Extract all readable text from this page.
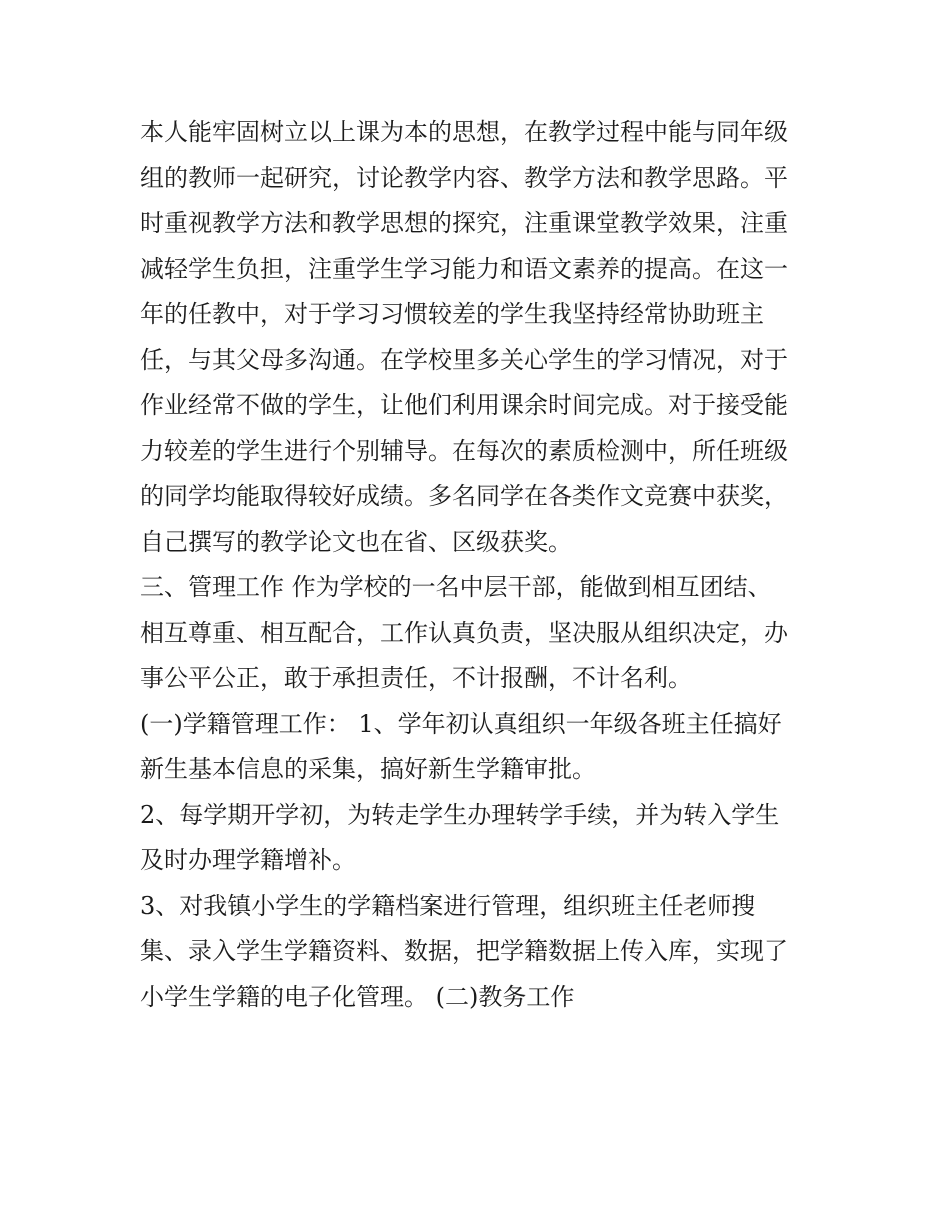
本人能牢固树立以上课为本的思想，在教学过程中能与同年级
组的教师一起研究，讨论教学内容、教学方法和教学思路。平
时重视教学方法和教学思想的探究，注重课堂教学效果，注重
减轻学生负担，注重学生学习能力和语文素养的提高。在这一
年的任教中，对于学习习惯较差的学生我坚持经常协助班主
任，与其父母多沟通。在学校里多关心学生的学习情况，对于
作业经常不做的学生，让他们利用课余时间完成。对于接受能
力较差的学生进行个别辅导。在每次的素质检测中，所任班级
的同学均能取得较好成绩。多名同学在各类作文竞赛中获奖，
自己撰写的教学论文也在省、区级获奖。
三、管理工作 作为学校的一名中层干部，能做到相互团结、
相互尊重、相互配合，工作认真负责，坚决服从组织决定，办
事公平公正，敢于承担责任，不计报酬，不计名利。
(一)学籍管理工作： 1、学年初认真组织一年级各班主任搞好
新生基本信息的采集，搞好新生学籍审批。
2、每学期开学初，为转走学生办理转学手续，并为转入学生
及时办理学籍增补。
3、对我镇小学生的学籍档案进行管理，组织班主任老师搜
集、录入学生学籍资料、数据，把学籍数据上传入库，实现了
小学生学籍的电子化管理。 (二)教务工作
